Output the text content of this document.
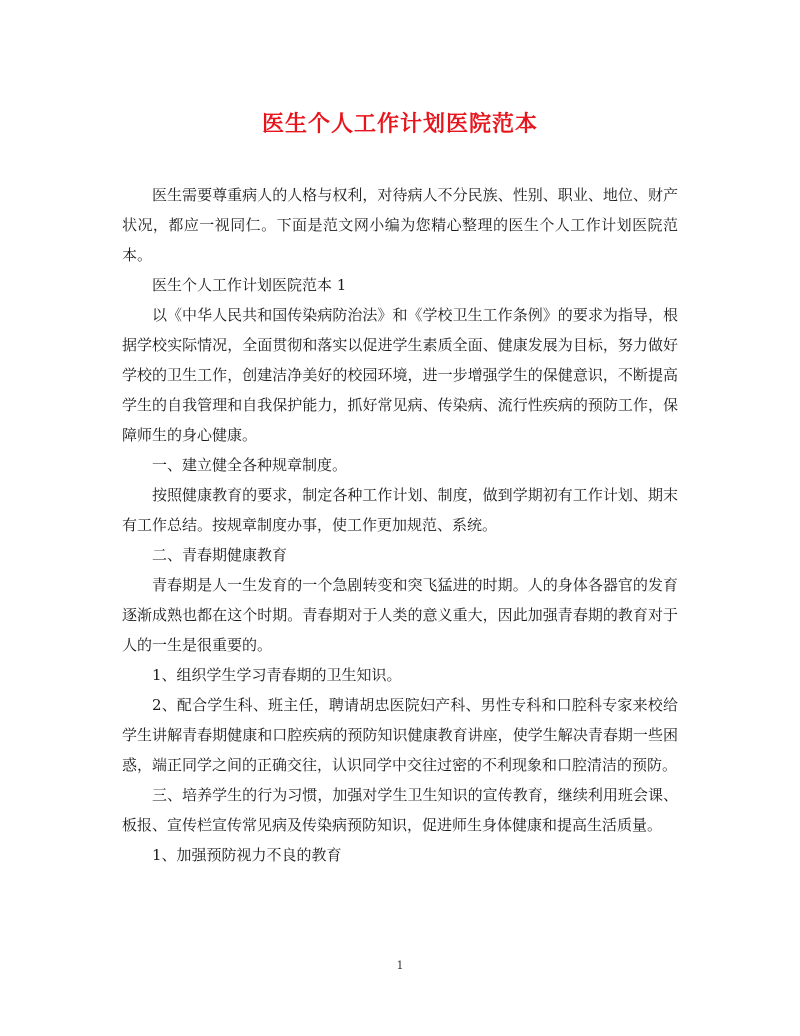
医生个人工作计划医院范本

医生需要尊重病人的人格与权利，对待病人不分民族、性别、职业、地位、财产状况，都应一视同仁。下面是范文网小编为您精心整理的医生个人工作计划医院范本。

医生个人工作计划医院范本 1

以《中华人民共和国传染病防治法》和《学校卫生工作条例》的要求为指导，根据学校实际情况，全面贯彻和落实以促进学生素质全面、健康发展为目标，努力做好学校的卫生工作，创建洁净美好的校园环境，进一步增强学生的保健意识，不断提高学生的自我管理和自我保护能力，抓好常见病、传染病、流行性疾病的预防工作，保障师生的身心健康。

一、建立健全各种规章制度。

按照健康教育的要求，制定各种工作计划、制度，做到学期初有工作计划、期末有工作总结。按规章制度办事，使工作更加规范、系统。

二、青春期健康教育

青春期是人一生发育的一个急剧转变和突飞猛进的时期。人的身体各器官的发育逐渐成熟也都在这个时期。青春期对于人类的意义重大，因此加强青春期的教育对于人的一生是很重要的。

1、组织学生学习青春期的卫生知识。

2、配合学生科、班主任，聘请胡忠医院妇产科、男性专科和口腔科专家来校给学生讲解青春期健康和口腔疾病的预防知识健康教育讲座，使学生解决青春期一些困惑，端正同学之间的正确交往，认识同学中交往过密的不利现象和口腔清洁的预防。

三、培养学生的行为习惯，加强对学生卫生知识的宣传教育，继续利用班会课、板报、宣传栏宣传常见病及传染病预防知识，促进师生身体健康和提高生活质量。

1、加强预防视力不良的教育

1
